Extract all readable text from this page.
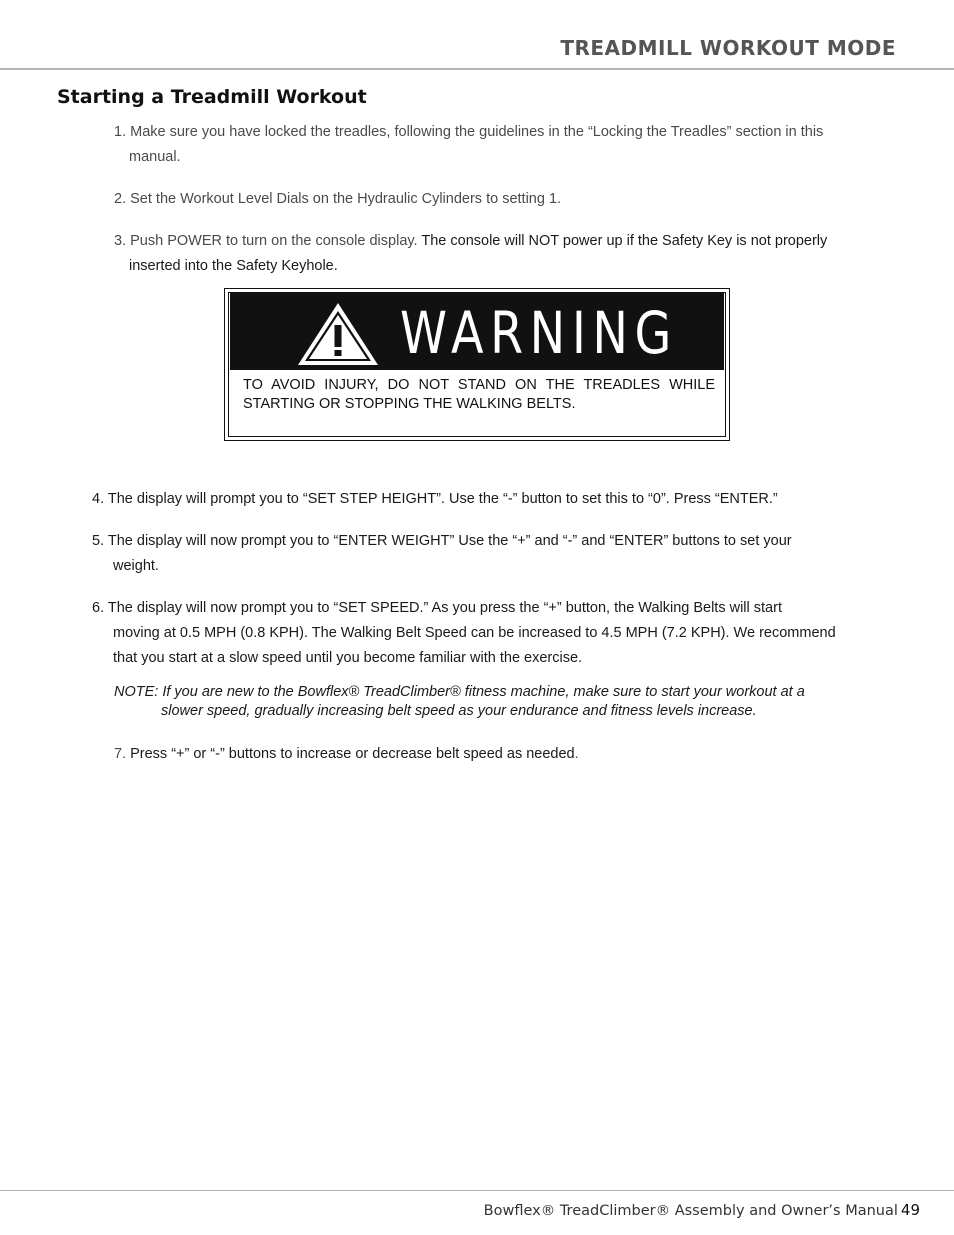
TREADMILL WORKOUT MODE
Starting a Treadmill Workout
1. Make sure you have locked the treadles, following the guidelines in the “Locking the Treadles” section in this
manual.
2. Set the Workout Level Dials on the Hydraulic Cylinders to setting 1.
3. Push POWER to turn on the console display. The console will NOT power up if the Safety Key is not properly
inserted into the Safety Keyhole.
WARNING
TO AVOID INJURY, DO NOT STAND ON THE TREADLES WHILE STARTING OR STOPPING THE WALKING BELTS.
4. The display will prompt you to “SET STEP HEIGHT”. Use the “-” button to set this to “0”. Press “ENTER.”
5. The display will now prompt you to “ENTER WEIGHT” Use the “+” and “-” and “ENTER” buttons to set your
weight.
6. The display will now prompt you to “SET SPEED.” As you press the “+” button, the Walking Belts will start
moving at 0.5 MPH (0.8 KPH). The Walking Belt Speed can be increased to 4.5 MPH (7.2 KPH). We recommend
that you start at a slow speed until you become familiar with the exercise.
NOTE: If you are new to the Bowflex® TreadClimber® fitness machine, make sure to start your workout at a
slower speed, gradually increasing belt speed as your endurance and fitness levels increase.
7. Press “+” or “-” buttons to increase or decrease belt speed as needed.
Bowflex® TreadClimber® Assembly and Owner’s Manual 49
